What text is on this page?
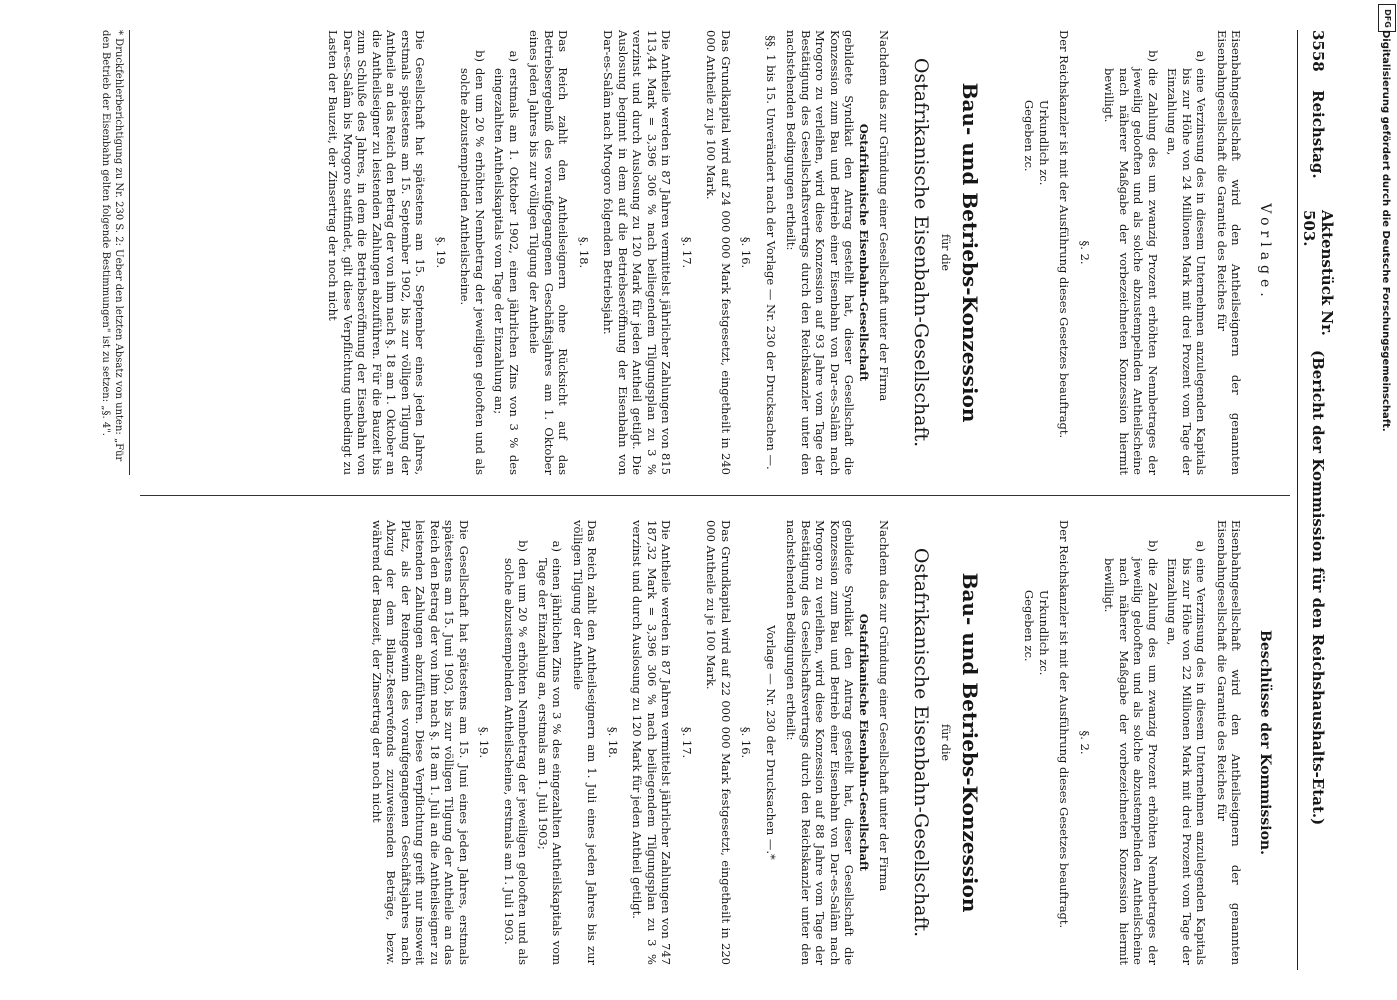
3558
Reichstag.
Aktenstück Nr. 503.
(Bericht der Kommission für den Reichshaushalts-Etat.)
Vorlage.

Eisenbahngesellschaft wird den Antheilseignern der genannten Eisenbahngesellschaft die Garantie des Reiches für

a)
eine Verzinsung des in diesem Unternehmen anzulegenden Kapitals bis zur Höhe von 24 Millionen Mark mit drei Prozent vom Tage der Einzahlung an,
b)
die Zahlung des um zwanzig Prozent erhöhten Nennbetrages der jeweilig gelooften und als solche abzustempelnden Antheilscheine nach näherer Maßgabe der vorbezeichneten Konzession hiermit bewilligt.
§. 2.

Der Reichskanzler ist mit der Ausführung dieses Gesetzes beauftragt.

Urkundlich zc.

Gegeben zc.

Bau- und Betriebs-Konzession
für die
Ostafrikanische Eisenbahn-Gesellschaft.

Nachdem das zur Gründung einer Gesellschaft unter der Firma

Ostafrikanische Eisenbahn-Gesellschaft

gebildete Syndikat den Antrag gestellt hat, dieser Gesellschaft die Konzession zum Bau und Betrieb einer Eisenbahn von Dar-es-Salâm nach Mrogoro zu verleihen, wird diese Konzession auf 93 Jahre vom Tage der Bestätigung des Gesellschaftsvertrags durch den Reichskanzler unter den nachstehenden Bedingungen ertheilt:

§§. 1 bis 15. Unverändert nach der Vorlage — Nr. 230 der Drucksachen —.
§. 16.

Das Grundkapital wird auf 24 000 000 Mark festgesetzt, eingetheilt in 240 000 Antheile zu je 100 Mark.

§. 17.

Die Antheile werden in 87 Jahren vermittelst jährlicher Zahlungen von 815 113,44 Mark = 3,396 306 % nach beiliegendem Tilgungsplan zu 3 % verzinst und durch Auslosung zu 120 Mark für jeden Antheil getilgt. Die Auslosung beginnt in dem auf die Betriebseröffnung der Eisenbahn von Dar-es-Salâm nach Mrogoro folgenden Betriebsjahr.

§. 18.

Das Reich zahlt den Antheilseignern ohne Rücksicht auf das Betriebsergebniß des voraufgegangenen Geschäftsjahres am 1. Oktober eines jeden Jahres bis zur völligen Tilgung der Antheile

a)
erstmals am 1. Oktober 1902, einen jährlichen Zins von 3 % des eingezahlten Antheilskapitals vom Tage der Einzahlung an;
b)
den um 20 % erhöhten Nennbetrag der jeweiligen gelooften und als solche abzustempelnden Antheilscheine.
§. 19.

Die Gesellschaft hat spätestens am 15. September eines jeden Jahres, erstmals spätestens am 15. September 1902, bis zur völligen Tilgung der Antheile an das Reich den Betrag der von ihm nach §. 18 am 1. Oktober an die Antheilseigner zu leistenden Zahlungen abzuführen. Für die Bauzeit bis zum Schluße des Jahres, in dem die Betriebseröffnung der Eisenbahn von Dar-es-Salâm bis Mrogoro stattfindet, gilt diese Verpflichtung unbedingt zu Lasten der Bauzeit, der Zinsertrag der noch nicht

Beschlüsse der Kommission.

Eisenbahngesellschaft wird den Antheilseignern der genannten Eisenbahngesellschaft die Garantie des Reiches für

a)
eine Verzinsung des in diesem Unternehmen anzulegenden Kapitals bis zur Höhe von 22 Millionen Mark mit drei Prozent vom Tage der Einzahlung an,
b)
die Zahlung des um zwanzig Prozent erhöhten Nennbetrages der jeweilig gelooften und als solche abzustempelnden Antheilscheine nach näherer Maßgabe der vorbezeichneten Konzession hiermit bewilligt.
§. 2.

Der Reichskanzler ist mit der Ausführung dieses Gesetzes beauftragt.

Urkundlich zc.

Gegeben zc.

Bau- und Betriebs-Konzession
für die
Ostafrikanische Eisenbahn-Gesellschaft.

Nachdem das zur Gründung einer Gesellschaft unter der Firma

Ostafrikanische Eisenbahn-Gesellschaft

gebildete Syndikat den Antrag gestellt hat, dieser Gesellschaft die Konzession zum Bau und Betrieb einer Eisenbahn von Dar-es-Salâm nach Mrogoro zu verleihen, wird diese Konzession auf 88 Jahre vom Tage der Bestätigung des Gesellschaftsvertrags durch den Reichskanzler unter den nachstehenden Bedingungen ertheilt:

Vorlage — Nr. 230 der Drucksachen —.*
§. 16.

Das Grundkapital wird auf 22 000 000 Mark festgesetzt, eingetheilt in 220 000 Antheile zu je 100 Mark.

§. 17.

Die Antheile werden in 87 Jahren vermittelst jährlicher Zahlungen von 747 187,32 Mark = 3,396 306 % nach beiliegendem Tilgungsplan zu 3 % verzinst und durch Auslosung zu 120 Mark für jeden Antheil getilgt.

§. 18.

Das Reich zahlt den Antheilseignern am 1. Juli eines jeden Jahres bis zur völligen Tilgung der Antheile

a)
einen jährlichen Zins von 3 % des eingezahlten Antheilskapitals vom Tage der Einzahlung an, erstmals am 1. Juli 1903;
b)
den um 20 % erhöhten Nennbetrag der jeweiligen gelooften und als solche abzustempelnden Antheilscheine, erstmals am 1. Juli 1903.
§. 19.

Die Gesellschaft hat spätestens am 15. Juni eines jeden Jahres, erstmals spätestens am 15. Juni 1903, bis zur völligen Tilgung der Antheile an das Reich den Betrag der von ihm nach §. 18 am 1. Juli an die Antheilseigner zu leistenden Zahlungen abzuführen. Diese Verpflichtung greift nur insoweit Platz, als der Reingewinn des voraufgegangenen Geschäftsjahres nach Abzug der dem Bilanz-Reservefonds zuzuweisenden Beträge, bezw. während der Bauzeit, der Zinsertrag der noch nicht

* Druckfehlerberichtigung zu Nr. 230 S. 2: Ueber den letzten Absatz von unten: „Für den Betrieb der Eisenbahn gelten folgende Bestimmungen" ist zu setzen: „§. 4".
DFG
Digitalisierung gefördert durch die Deutsche Forschungsgemeinschaft.
